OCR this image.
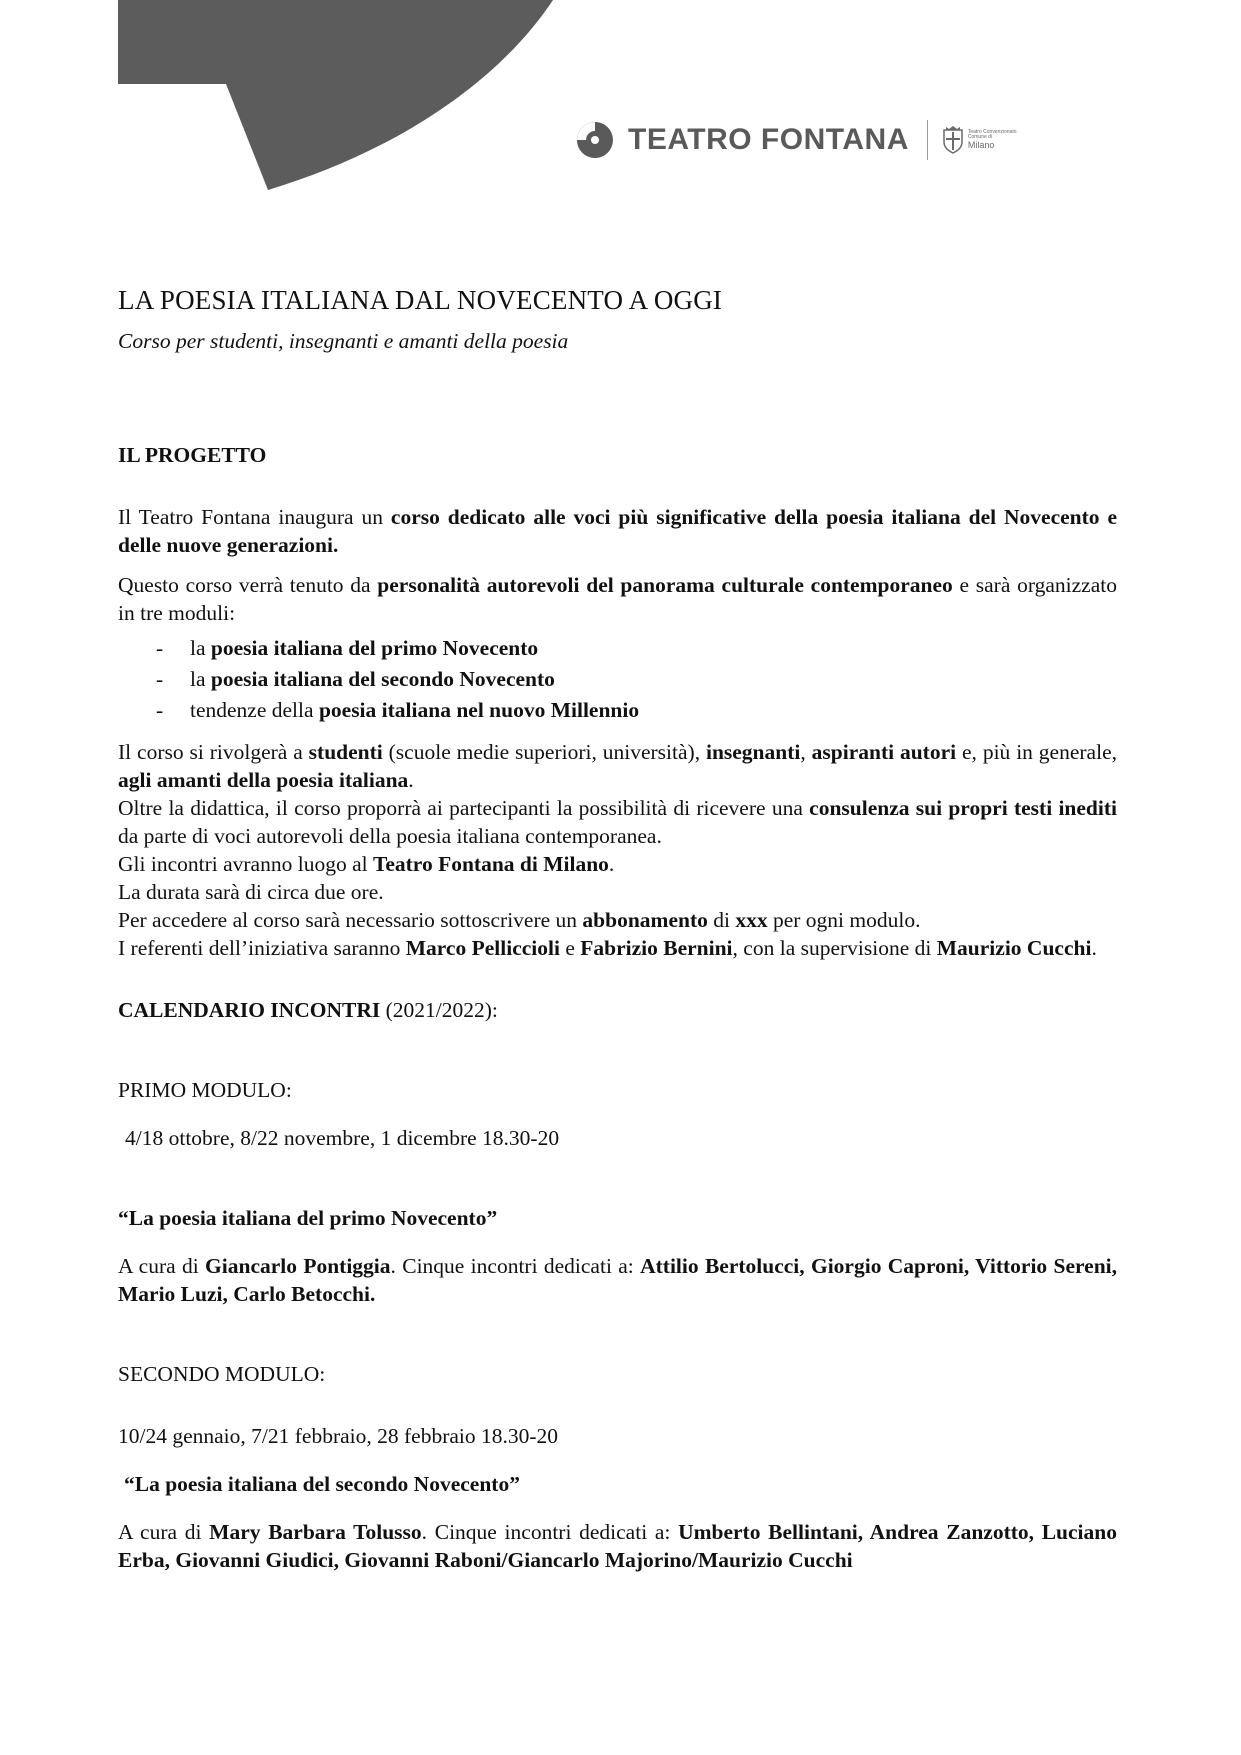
TEATRO FONTANA	Teatro Convenzionato
Comune di
Milano
LA POESIA ITALIANA DAL NOVECENTO A OGGI

Corso per studenti, insegnanti e amanti della poesia

IL PROGETTO

Il Teatro Fontana inaugura un corso dedicato alle voci più significative della poesia italiana del Novecento e delle nuove generazioni.

Questo corso verrà tenuto da personalità autorevoli del panorama culturale contemporaneo e sarà organizzato in tre moduli:

- la poesia italiana del primo Novecento
- la poesia italiana del secondo Novecento
- tendenze della poesia italiana nel nuovo Millennio

Il corso si rivolgerà a studenti (scuole medie superiori, università), insegnanti, aspiranti autori e, più in generale, agli amanti della poesia italiana.

Oltre la didattica, il corso proporrà ai partecipanti la possibilità di ricevere una consulenza sui propri testi inediti da parte di voci autorevoli della poesia italiana contemporanea.

Gli incontri avranno luogo al Teatro Fontana di Milano.

La durata sarà di circa due ore.

Per accedere al corso sarà necessario sottoscrivere un abbonamento di xxx per ogni modulo.

I referenti dell’iniziativa saranno Marco Pelliccioli e Fabrizio Bernini, con la supervisione di Maurizio Cucchi.

CALENDARIO INCONTRI (2021/2022):

PRIMO MODULO:

4/18 ottobre, 8/22 novembre, 1 dicembre 18.30-20

“La poesia italiana del primo Novecento”

A cura di Giancarlo Pontiggia. Cinque incontri dedicati a: Attilio Bertolucci, Giorgio Caproni, Vittorio Sereni, Mario Luzi, Carlo Betocchi.

SECONDO MODULO:

10/24 gennaio, 7/21 febbraio, 28 febbraio 18.30-20

“La poesia italiana del secondo Novecento”

A cura di Mary Barbara Tolusso. Cinque incontri dedicati a: Umberto Bellintani, Andrea Zanzotto, Luciano Erba, Giovanni Giudici, Giovanni Raboni/Giancarlo Majorino/Maurizio Cucchi
